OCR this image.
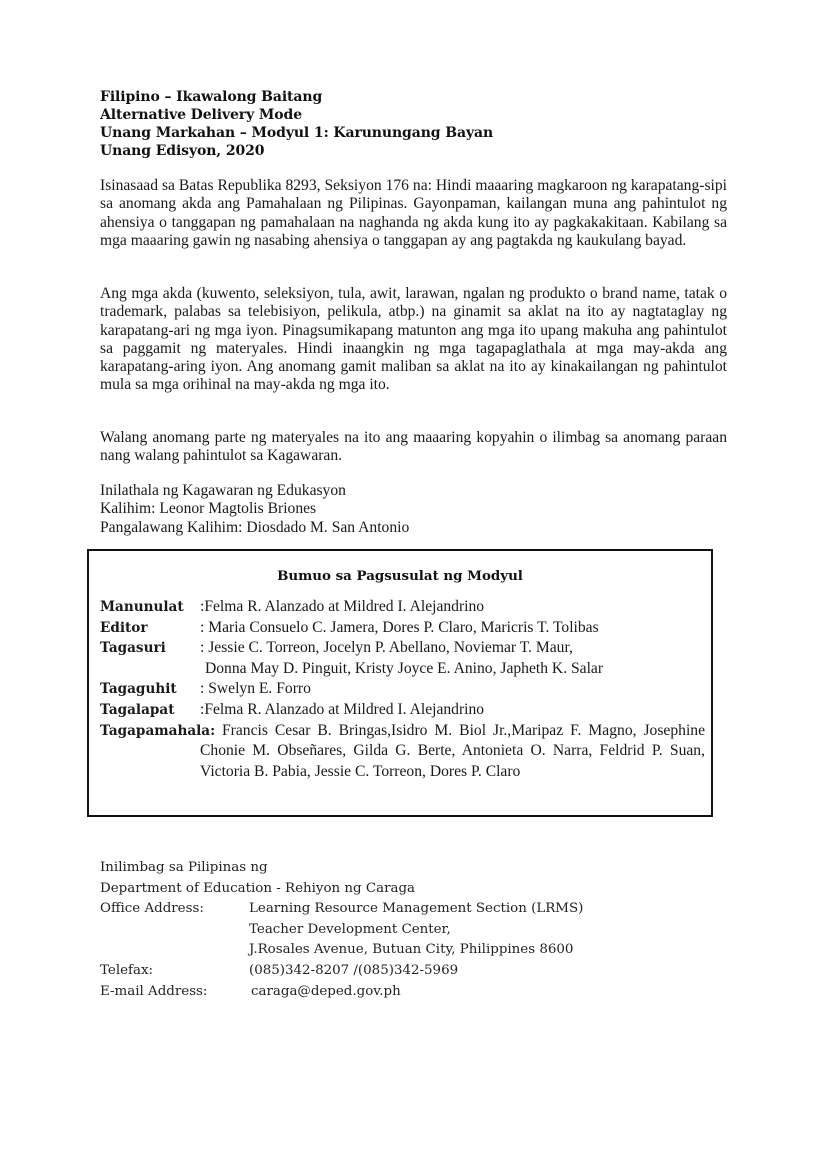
Filipino – Ikawalong Baitang
Alternative Delivery Mode
Unang Markahan – Modyul 1: Karunungang Bayan
Unang Edisyon, 2020
Isinasaad sa Batas Republika 8293, Seksiyon 176 na: Hindi maaaring magkaroon ng karapatang-sipi sa anomang akda ang Pamahalaan ng Pilipinas. Gayonpaman, kailangan muna ang pahintulot ng ahensiya o tanggapan ng pamahalaan na naghanda ng akda kung ito ay pagkakakitaan. Kabilang sa mga maaaring gawin ng nasabing ahensiya o tanggapan ay ang pagtakda ng kaukulang bayad.
Ang mga akda (kuwento, seleksiyon, tula, awit, larawan, ngalan ng produkto o brand name, tatak o trademark, palabas sa telebisiyon, pelikula, atbp.) na ginamit sa aklat na ito ay nagtataglay ng karapatang-ari ng mga iyon. Pinagsumikapang matunton ang mga ito upang makuha ang pahintulot sa paggamit ng materyales. Hindi inaangkin ng mga tagapaglathala at mga may-akda ang karapatang-aring iyon. Ang anomang gamit maliban sa aklat na ito ay kinakailangan ng pahintulot mula sa mga orihinal na may-akda ng mga ito.
Walang anomang parte ng materyales na ito ang maaaring kopyahin o ilimbag sa anomang paraan nang walang pahintulot sa Kagawaran.
Inilathala ng Kagawaran ng Edukasyon
Kalihim: Leonor Magtolis Briones
Pangalawang Kalihim: Diosdado M. San Antonio
Bumuo sa Pagsusulat ng Modyul
Manunulat :Felma R. Alanzado at Mildred I. Alejandrino
Editor	: Maria Consuelo C. Jamera, Dores P. Claro, Maricris T. Tolibas
Tagasuri : Jessie C. Torreon, Jocelyn P. Abellano, Noviemar T. Maur,
Donna May D. Pinguit, Kristy Joyce E. Anino, Japheth K. Salar
Tagaguhit : Swelyn E. Forro
Tagalapat :Felma R. Alanzado at Mildred I. Alejandrino
Tagapamahala: Francis Cesar B. Bringas,Isidro M. Biol Jr.,Maripaz F. Magno, Josephine Chonie M. Obseñares, Gilda G. Berte, Antonieta O. Narra, Feldrid P. Suan, Victoria B. Pabia, Jessie C. Torreon, Dores P. Claro
Inilimbag sa Pilipinas ng
Department of Education - Rehiyon ng Caraga
Office Address:	Learning Resource Management Section (LRMS)
Teacher Development Center,
J.Rosales Avenue, Butuan City, Philippines 8600
Telefax:	(085)342-8207 /(085)342-5969
E-mail Address:	caraga@deped.gov.ph
